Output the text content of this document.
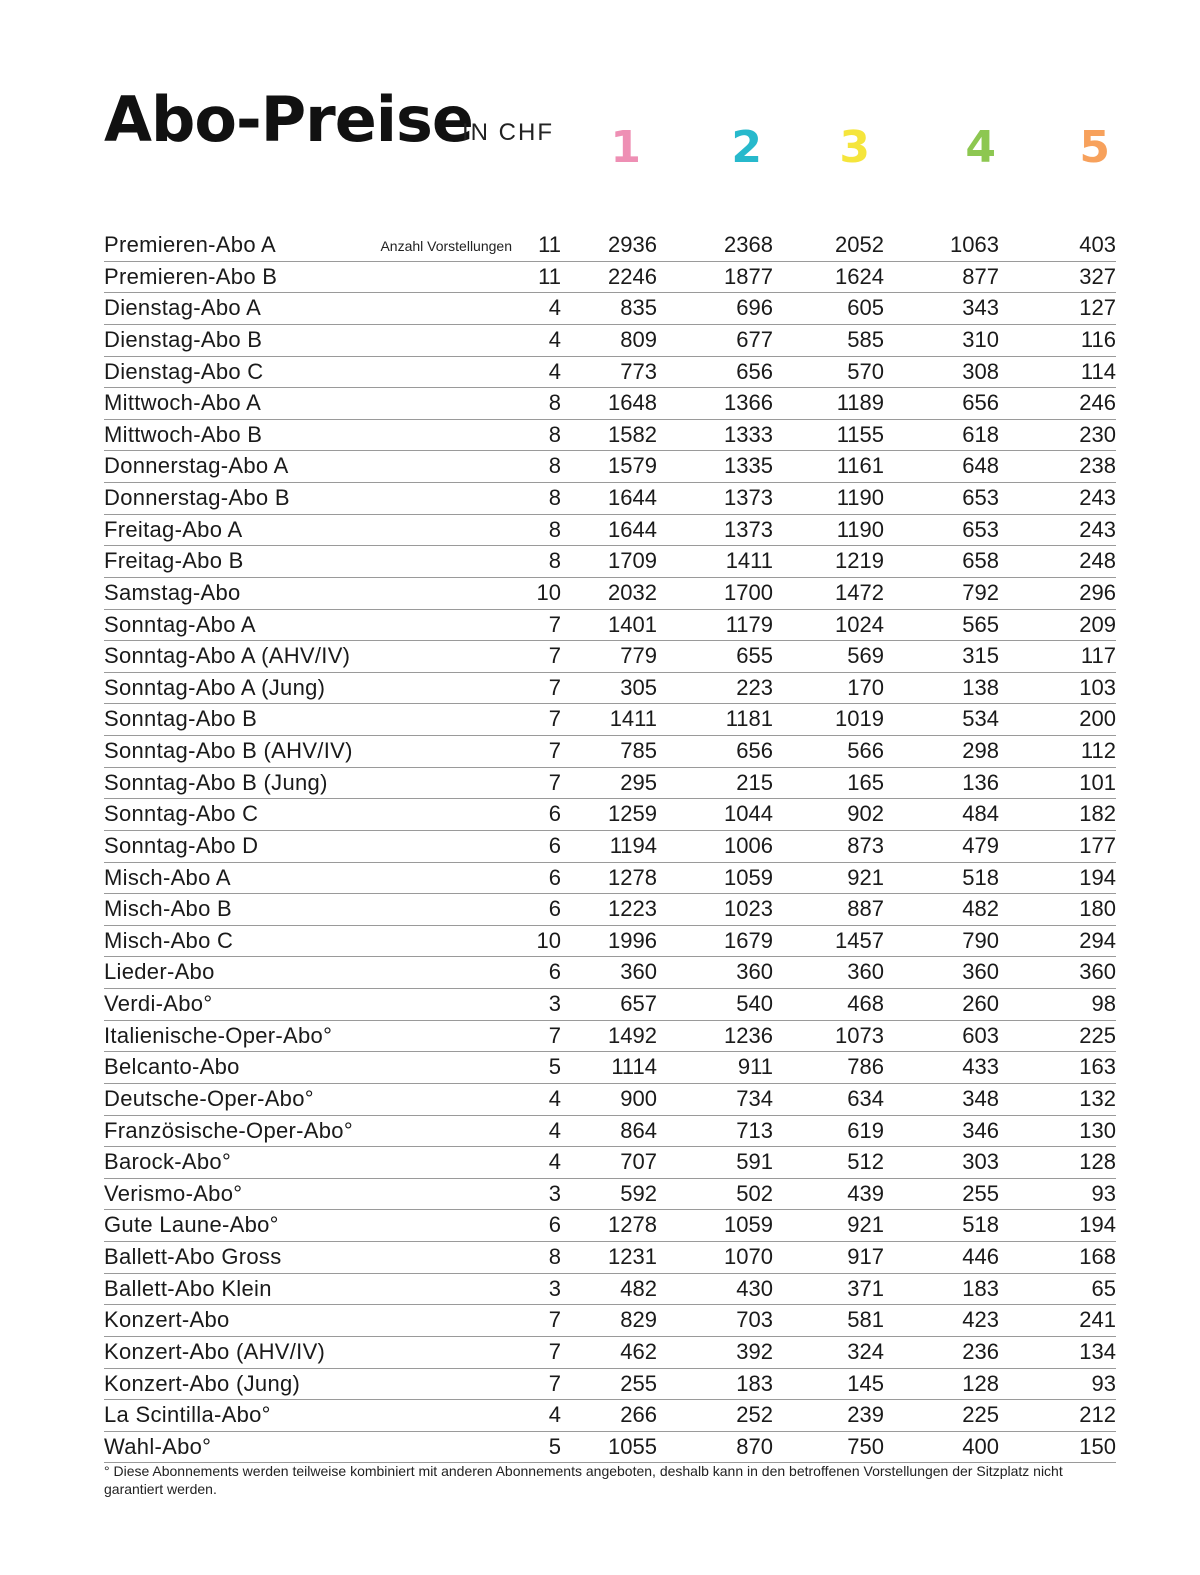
Abo-Preise
IN CHF	1	2	3	4	5
Anzahl Vorstellungen
Premieren-Abo A	11	2936	2368	2052	1063	403
Premieren-Abo B	11	2246	1877	1624	877	327
Dienstag-Abo A	4	835	696	605	343	127
Dienstag-Abo B	4	809	677	585	310	116
Dienstag-Abo C	4	773	656	570	308	114
Mittwoch-Abo A	8	1648	1366	1189	656	246
Mittwoch-Abo B	8	1582	1333	1155	618	230
Donnerstag-Abo A	8	1579	1335	1161	648	238
Donnerstag-Abo B	8	1644	1373	1190	653	243
Freitag-Abo A	8	1644	1373	1190	653	243
Freitag-Abo B	8	1709	1411	1219	658	248
Samstag-Abo	10	2032	1700	1472	792	296
Sonntag-Abo A	7	1401	1179	1024	565	209
Sonntag-Abo A (AHV/IV)	7	779	655	569	315	117
Sonntag-Abo A (Jung)	7	305	223	170	138	103
Sonntag-Abo B	7	1411	1181	1019	534	200
Sonntag-Abo B (AHV/IV)	7	785	656	566	298	112
Sonntag-Abo B (Jung)	7	295	215	165	136	101
Sonntag-Abo C	6	1259	1044	902	484	182
Sonntag-Abo D	6	1194	1006	873	479	177
Misch-Abo A	6	1278	1059	921	518	194
Misch-Abo B	6	1223	1023	887	482	180
Misch-Abo C	10	1996	1679	1457	790	294
Lieder-Abo	6	360	360	360	360	360
Verdi-Abo°	3	657	540	468	260	98
Italienische-Oper-Abo°	7	1492	1236	1073	603	225
Belcanto-Abo	5	1114	911	786	433	163
Deutsche-Oper-Abo°	4	900	734	634	348	132
Französische-Oper-Abo°	4	864	713	619	346	130
Barock-Abo°	4	707	591	512	303	128
Verismo-Abo°	3	592	502	439	255	93
Gute Laune-Abo°	6	1278	1059	921	518	194
Ballett-Abo Gross	8	1231	1070	917	446	168
Ballett-Abo Klein	3	482	430	371	183	65
Konzert-Abo	7	829	703	581	423	241
Konzert-Abo (AHV/IV)	7	462	392	324	236	134
Konzert-Abo (Jung)	7	255	183	145	128	93
La Scintilla-Abo°	4	266	252	239	225	212
Wahl-Abo°	5	1055	870	750	400	150
° Diese Abonnements werden teilweise kombiniert mit anderen Abonnements angeboten, deshalb kann in den betroffenen Vorstellungen der Sitzplatz nicht garantiert werden.
